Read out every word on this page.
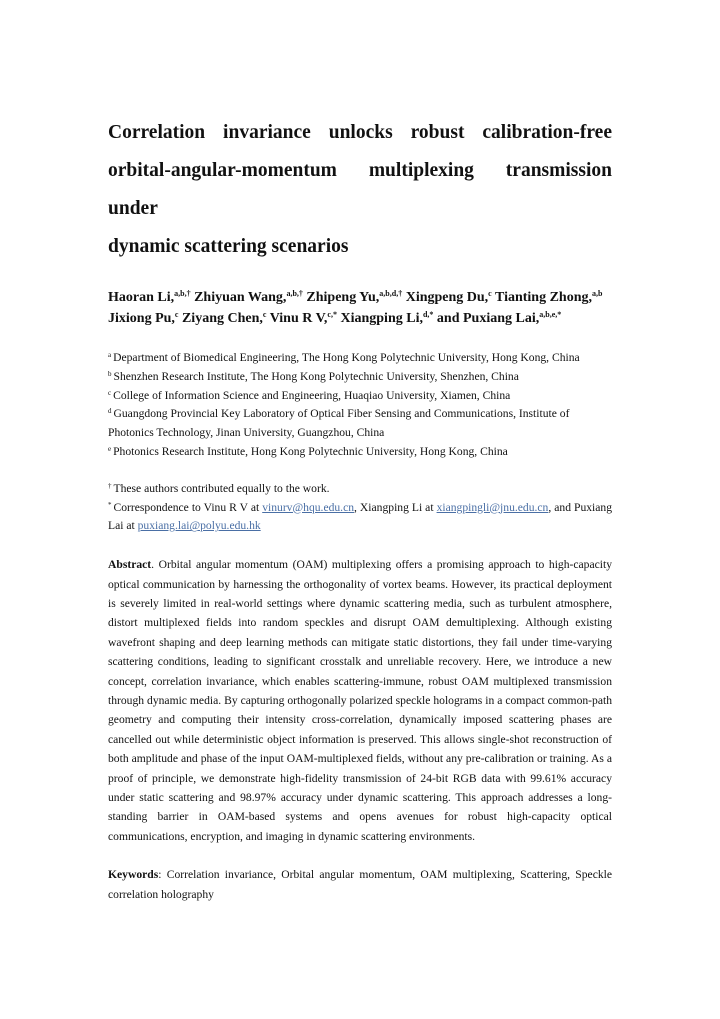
Correlation invariance unlocks robust calibration-free
orbital-angular-momentum multiplexing transmission under
dynamic scattering scenarios
Haoran Li,$^{a,b,\dagger}$ Zhiyuan Wang,$^{a,b,\dagger}$ Zhipeng Yu,$^{a,b,d,\dagger}$ Xingpeng Du,$^c$ Tianting Zhong,$^{a,b}$ Jixiong Pu,$^c$ Ziyang Chen,$^c$ Vinu R V,$^{c,*}$ Xiangping Li,$^{d,*}$ and Puxiang Lai,$^{a,b,e,*}$
$^a$ Department of Biomedical Engineering, The Hong Kong Polytechnic University, Hong Kong, China
$^b$ Shenzhen Research Institute, The Hong Kong Polytechnic University, Shenzhen, China
$^c$ College of Information Science and Engineering, Huaqiao University, Xiamen, China
$^d$ Guangdong Provincial Key Laboratory of Optical Fiber Sensing and Communications, Institute of Photonics Technology, Jinan University, Guangzhou, China
$^e$ Photonics Research Institute, Hong Kong Polytechnic University, Hong Kong, China
† These authors contributed equally to the work.
* Correspondence to Vinu R V at vinurv@hqu.edu.cn, Xiangping Li at xiangpingli@jnu.edu.cn, and Puxiang Lai at puxiang.lai@polyu.edu.hk

Abstract. Orbital angular momentum (OAM) multiplexing offers a promising approach to high-capacity optical communication by harnessing the orthogonality of vortex beams. However, its practical deployment is severely limited in real-world settings where dynamic scattering media, such as turbulent atmosphere, distort multiplexed fields into random speckles and disrupt OAM demultiplexing. Although existing wavefront shaping and deep learning methods can mitigate static distortions, they fail under time-varying scattering conditions, leading to significant crosstalk and unreliable recovery. Here, we introduce a new concept, correlation invariance, which enables scattering-immune, robust OAM multiplexed transmission through dynamic media. By capturing orthogonally polarized speckle holograms in a compact common-path geometry and computing their intensity cross-correlation, dynamically imposed scattering phases are cancelled out while deterministic object information is preserved. This allows single-shot reconstruction of both amplitude and phase of the input OAM-multiplexed fields, without any pre-calibration or training. As a proof of principle, we demonstrate high-fidelity transmission of 24-bit RGB data with 99.61% accuracy under static scattering and 98.97% accuracy under dynamic scattering. This approach addresses a long-standing barrier in OAM-based systems and opens avenues for robust high-capacity optical communications, encryption, and imaging in dynamic scattering environments.

Keywords: Correlation invariance, Orbital angular momentum, OAM multiplexing, Scattering, Speckle correlation holography
